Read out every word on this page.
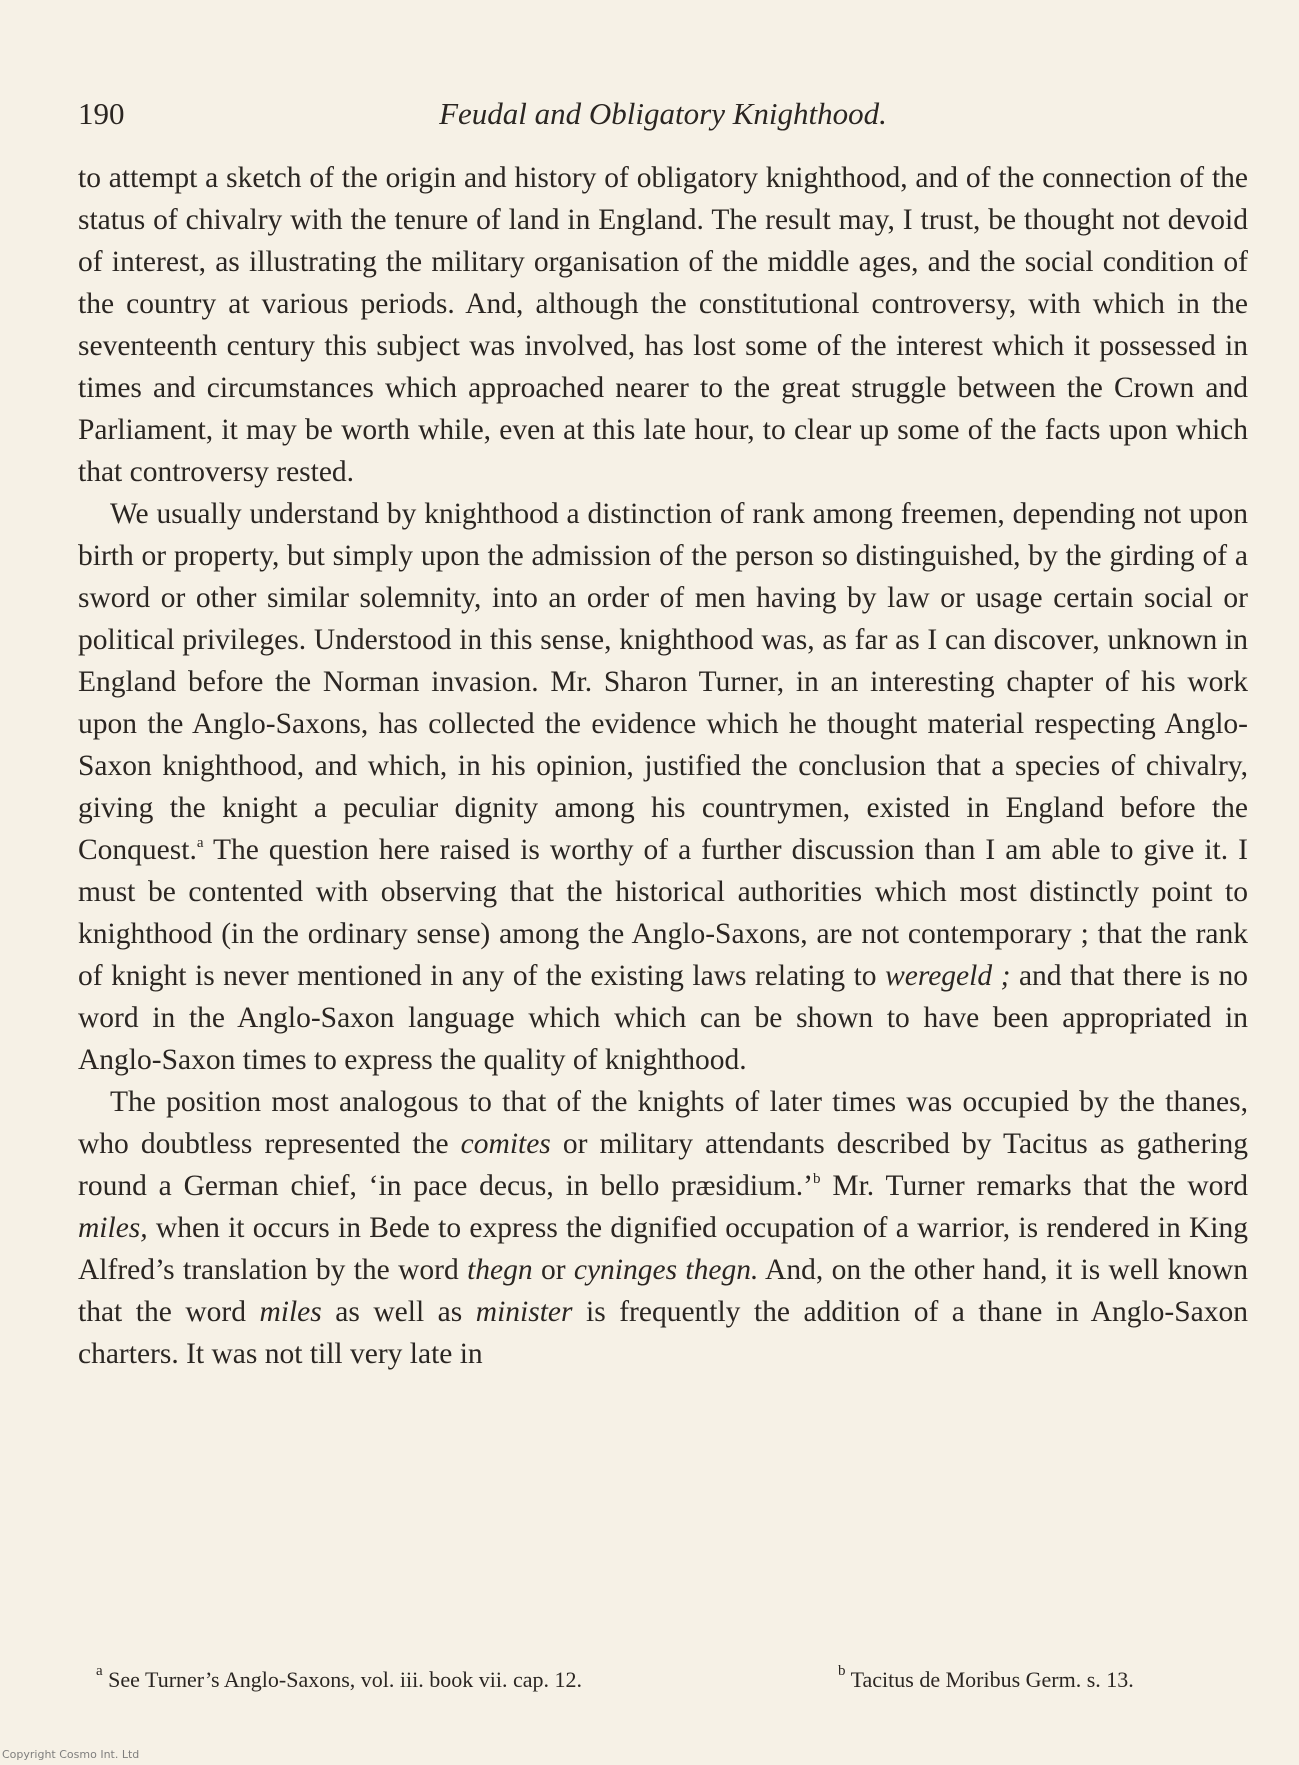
190	Feudal and Obligatory Knighthood.

to attempt a sketch of the origin and history of obligatory knighthood, and of the connection of the status of chivalry with the tenure of land in England. The result may, I trust, be thought not devoid of interest, as illustrating the military organisation of the middle ages, and the social condition of the country at various periods. And, although the constitutional controversy, with which in the seventeenth century this subject was involved, has lost some of the interest which it possessed in times and circumstances which approached nearer to the great struggle between the Crown and Parliament, it may be worth while, even at this late hour, to clear up some of the facts upon which that controversy rested.

We usually understand by knighthood a distinction of rank among freemen, depending not upon birth or property, but simply upon the admission of the person so distinguished, by the girding of a sword or other similar solemnity, into an order of men having by law or usage certain social or political privileges. Understood in this sense, knighthood was, as far as I can discover, unknown in England before the Norman invasion. Mr. Sharon Turner, in an interesting chapter of his work upon the Anglo-Saxons, has collected the evidence which he thought material respecting Anglo-Saxon knighthood, and which, in his opinion, justified the conclusion that a species of chivalry, giving the knight a peculiar dignity among his countrymen, existed in England before the Conquest.$^a$ The question here raised is worthy of a further discussion than I am able to give it. I must be contented with observing that the historical authorities which most distinctly point to knighthood (in the ordinary sense) among the Anglo-Saxons, are not contemporary ; that the rank of knight is never mentioned in any of the existing laws relating to weregeld ; and that there is no word in the Anglo-Saxon language which which can be shown to have been appropriated in Anglo-Saxon times to express the quality of knighthood.

The position most analogous to that of the knights of later times was occupied by the thanes, who doubtless represented the comites or military attendants described by Tacitus as gathering round a German chief, ‘in pace decus, in bello præsidium.’$^b$ Mr. Turner remarks that the word miles, when it occurs in Bede to express the dignified occupation of a warrior, is rendered in King Alfred’s translation by the word thegn or cyninges thegn. And, on the other hand, it is well known that the word miles as well as minister is frequently the addition of a thane in Anglo-Saxon charters. It was not till very late in

$^a$ See Turner’s Anglo-Saxons, vol. iii. book vii. cap. 12.	$^b$ Tacitus de Moribus Germ. s. 13.
Copyright Cosmo Int. Ltd
